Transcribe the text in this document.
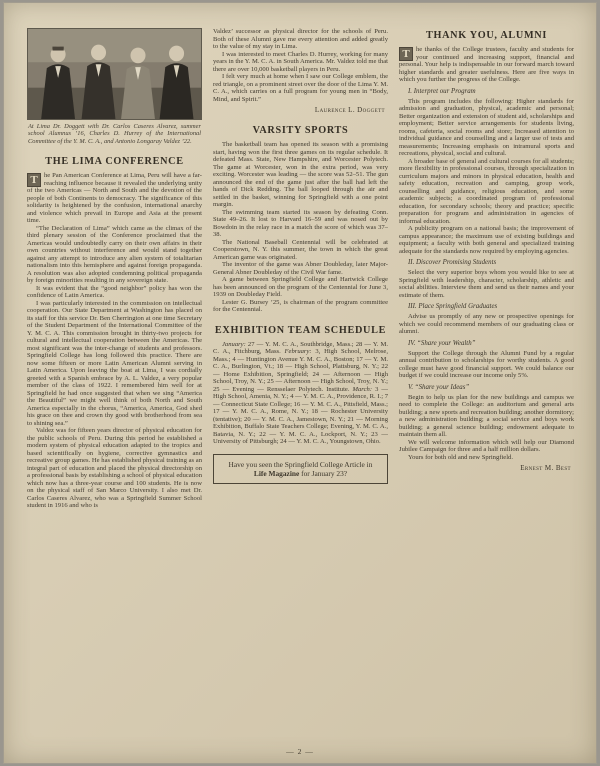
At Lima Dr. Doggett with Dr. Carlos Caseres Alvarez, summer school Alumnus ’16, Charles D. Hurrey of the International Committee of the Y. M. C. A., and Antonio Longaray Valdez ’22.
THE LIMA CONFERENCE

T he Pan American Conference at Lima, Peru will have a far-reaching influence because it revealed the underlying unity of the two Americas — North and South and the devotion of the people of both Continents to democracy. The significance of this solidarity is heightened by the confusion, international anarchy and violence which prevail in Europe and Asia at the present time.

“The Declaration of Lima” which came as the climax of the third plenary session of the Conference proclaimed that the Americas would undoubtedly carry on their own affairs in their own countries without interference and would stand together against any attempt to introduce any alien system of totalitarian nationalism into this hemisphere and against foreign propaganda. A resolution was also adopted condemning political propaganda by foreign minorities resulting in any sovereign state.

It was evident that the “good neighbor” policy has won the confidence of Latin America.

I was particularly interested in the commission on intellectual cooperation. Our State Department at Washington has placed on its staff for this service Dr. Ben Cherrington at one time Secretary of the Student Department of the International Committee of the Y. M. C. A. This commission brought in thirty-two projects for cultural and intellectual cooperation between the Americas. The most significant was the inter-change of students and professors. Springfield College has long followed this practice. There are now some fifteen or more Latin American Alumni serving in Latin America. Upon leaving the boat at Lima, I was cordially greeted with a Spanish embrace by A. L. Valdez, a very popular member of the class of 1922. I remembered him well for at Springfield he had once suggested that when we sing “America the Beautiful” we might well think of both North and South America especially in the chorus, “America, America, God shed his grace on thee and crown thy good with brotherhood from sea to shining sea.”

Valdez was for fifteen years director of physical education for the public schools of Peru. During this period he established a modern system of physical education adapted to the tropics and based scientifically on hygiene, corrective gymnastics and recreative group games. He has established physical training as an integral part of education and placed the physical directorship on a professional basis by establishing a school of physical education which now has a three-year course and 100 students. He is now on the physical staff of San Marco University. I also met Dr. Carlos Caseres Alvarez, who was a Springfield Summer School student in 1916 and who is

Valdez’ successor as physical director for the schools of Peru. Both of these Alumni gave me every attention and added greatly to the value of my stay in Lima.

I was interested to meet Charles D. Hurrey, working for many years in the Y. M. C. A. in South America. Mr. Valdez told me that there are over 10,000 basketball players in Peru.

I felt very much at home when I saw our College emblem, the red triangle, on a prominent street over the door of the Lima Y. M. C. A., which carries on a full program for young men in “Body, Mind, and Spirit.”

Laurence L. Doggett
VARSITY SPORTS

The basketball team has opened its season with a promising start, having won the first three games on its regular schedule. It defeated Mass. State, New Hampshire, and Worcester Polytech. The game at Worcester, won in the extra period, was very exciting. Worcester was leading — the score was 52–51. The gun announced the end of the game just after the ball had left the hands of Dick Redding. The ball looped through the air and settled in the basket, winning for Springfield with a one point margin.

The swimming team started its season by defeating Conn. State 49–26. It lost to Harvard 16–59 and was nosed out by Bowdoin in the relay race in a match the score of which was 37–38.

The National Baseball Centennial will be celebrated at Cooperstown, N. Y. this summer, the town in which the great American game was originated.

The inventor of the game was Abner Doubleday, later Major-General Abner Doubleday of the Civil War fame.

A game between Springfield College and Hartwick College has been announced on the program of the Centennial for June 3, 1939 on Doubleday Field.

Lester G. Bursey ’25, is chairman of the program committee for the Centennial.

EXHIBITION TEAM SCHEDULE

January: 27 — Y. M. C. A., Southbridge, Mass.; 28 — Y. M. C. A., Fitchburg, Mass. February: 3, High School, Melrose, Mass.; 4 — Huntington Avenue Y. M. C. A., Boston; 17 — Y. M. C. A., Burlington, Vt.; 18 — High School, Plattsburg, N. Y.; 22 — Home Exhibition, Springfield; 24 — Afternoon — High School, Troy, N. Y.; 25 — Afternoon — High School, Troy, N. Y.; 25 — Evening — Rensselaer Polytech. Institute. March: 3 — High School, Amenia, N. Y.; 4 — Y. M. C. A., Providence, R. I.; 7 — Connecticut State College; 16 — Y. M. C. A., Pittsfield, Mass.; 17 — Y. M. C. A., Rome, N. Y.; 18 — Rochester University (tentative); 20 — Y. M. C. A., Jamestown, N. Y.; 21 — Morning Exhibition, Buffalo State Teachers College; Evening, Y. M. C. A., Batavia, N. Y.; 22 — Y. M. C. A., Lockport, N. Y.; 23 — University of Pittsburgh; 24 — Y. M. C. A., Youngstown, Ohio.

Have you seen the Springfield College Article in Life Magazine for January 23?
THANK YOU, ALUMNI

T he thanks of the College trustees, faculty and students for your continued and increasing support, financial and personal. Your help is indispensable in our forward march toward higher standards and greater usefulness. Here are five ways in which you further the progress of the College.

I. Interpret our Program

This program includes the following: Higher standards for admission and graduation, physical, academic and personal; Better organization and extension of student aid, scholarships and employment; Better service arrangements for students living, rooms, cafeteria, social rooms and store; Increased attention to individual guidance and counselling and a larger use of tests and measurements; Increasing emphasis on intramural sports and recreations, physical, social and cultural.

A broader base of general and cultural courses for all students; more flexibility in professional courses, through specialization in curriculum majors and minors in physical education, health and safety education, recreation and camping, group work, counselling and guidance, religious education, and some academic subjects; a coordinated program of professional education, for secondary schools; theory and practice; specific preparation for program and administration in agencies of informal education.

A publicity program on a national basis; the improvement of campus appearance; the maximum use of existing buildings and equipment; a faculty with both general and specialized training adequate for the standards now required by employing agencies.

II. Discover Promising Students

Select the very superior boys whom you would like to see at Springfield with leadership, character, scholarship, athletic and social abilities. Interview them and send us their names and your estimate of them.

III. Place Springfield Graduates

Advise us promptly of any new or prospective openings for which we could recommend members of our graduating class or alumni.

IV. “Share your Wealth”

Support the College through the Alumni Fund by a regular annual contribution to scholarships for worthy students. A good college must have good financial support. We could balance our budget if we could increase our income only 5%.

V. “Share your Ideas”

Begin to help us plan for the new buildings and campus we need to complete the College: an auditorium and general arts building; a new sports and recreation building; another dormitory; a new administration building; a social service and boys work building; a general science building; endowment adequate to maintain them all.

We will welcome information which will help our Diamond Jubilee Campaign for three and a half million dollars.

Yours for both old and new Springfield.

Ernest M. Best
— 2 —
